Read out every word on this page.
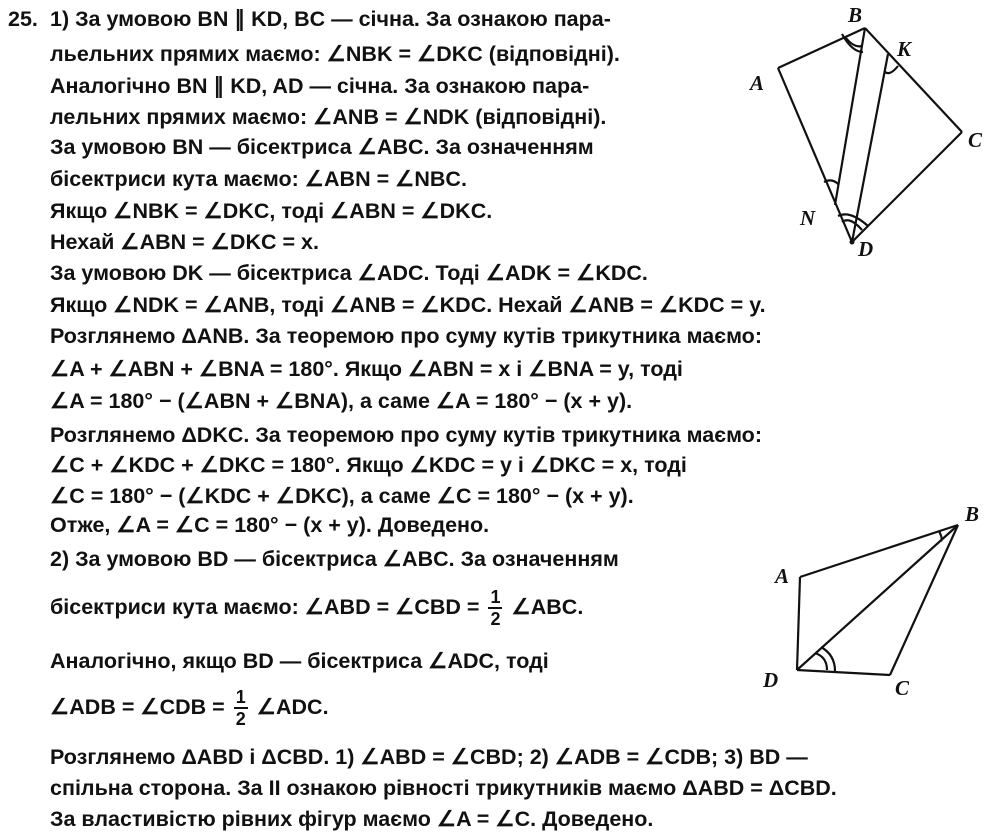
25. 1) За умовою BN ∥ KD, BC — січна. За ознакою пара-
льельних прямих маємо: ∠NBK = ∠DKC (відповідні).
Аналогічно BN ∥ KD, AD — січна. За ознакою пара-
лельних прямих маємо: ∠ANB = ∠NDK (відповідні).
За умовою BN — бісектриса ∠ABC. За означенням
бісектриси кута маємо: ∠ABN = ∠NBC.
Якщо ∠NBK = ∠DKC, тоді ∠ABN = ∠DKC.
Нехай ∠ABN = ∠DKC = x.
За умовою DK — бісектриса ∠ADC. Тоді ∠ADK = ∠KDC.
Якщо ∠NDK = ∠ANB, тоді ∠ANB = ∠KDC. Нехай ∠ANB = ∠KDC = y.
Розглянемо ΔANB. За теоремою про суму кутів трикутника маємо:
∠A + ∠ABN + ∠BNA = 180°. Якщо ∠ABN = x і ∠BNA = y, тоді
∠A = 180° − (∠ABN + ∠BNA), а саме ∠A = 180° − (x + y).
Розглянемо ΔDKC. За теоремою про суму кутів трикутника маємо:
∠C + ∠KDC + ∠DKC = 180°. Якщо ∠KDC = y і ∠DKC = x, тоді
∠C = 180° − (∠KDC + ∠DKC), а саме ∠C = 180° − (x + y).
Отже, ∠A = ∠C = 180° − (x + y). Доведено.
2) За умовою BD — бісектриса ∠ABC. За означенням
бісектриси кута маємо: ∠ABD = ∠CBD = $\frac{1}{2}$ ∠ABC.
Аналогічно, якщо BD — бісектриса ∠ADC, тоді
∠ADB = ∠CDB = $\frac{1}{2}$ ∠ADC.
Розглянемо ΔABD і ΔCBD. 1) ∠ABD = ∠CBD; 2) ∠ADB = ∠CDB; 3) BD —
спільна сторона. За II ознакою рівності трикутників маємо ΔABD = ΔCBD.
За властивістю рівних фігур маємо ∠A = ∠C. Доведено.
B
K
A
C
N
D
B
A
D	C
